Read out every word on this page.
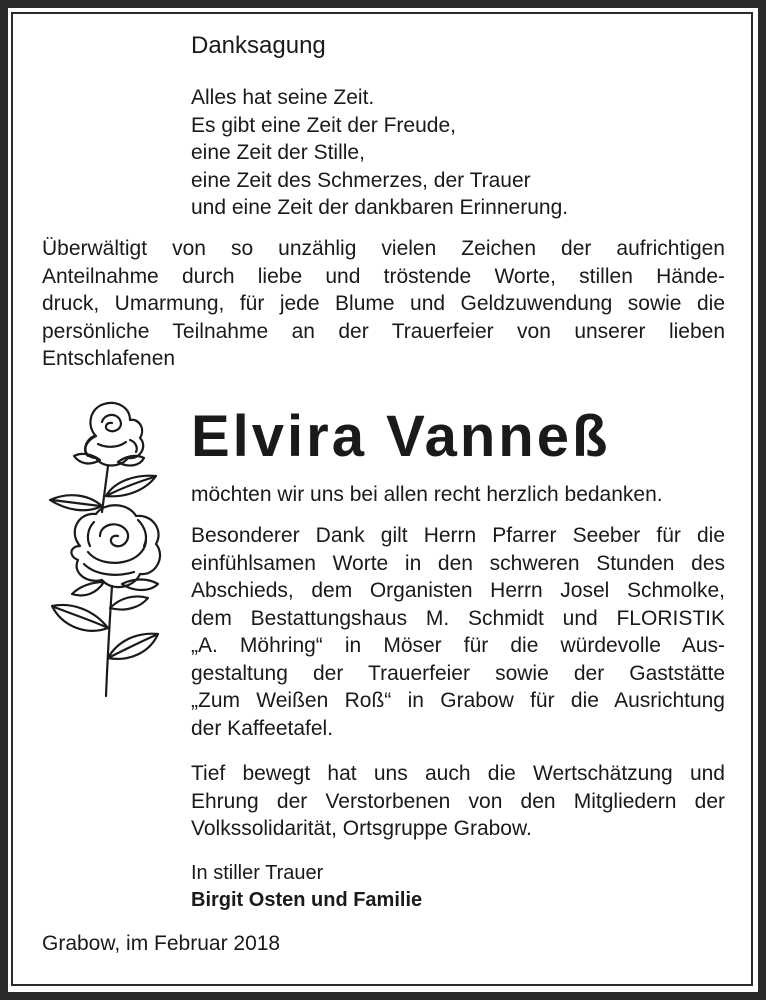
Danksagung

Alles hat seine Zeit.
Es gibt eine Zeit der Freude,
eine Zeit der Stille,
eine Zeit des Schmerzes, der Trauer
und eine Zeit der dankbaren Erinnerung.
Überwältigt von so unzählig vielen Zeichen der aufrichtigen
Anteilnahme durch liebe und tröstende Worte, stillen Hände-
druck, Umarmung, für jede Blume und Geldzuwendung sowie die
persönliche Teilnahme an der Trauerfeier von unserer lieben
Entschlafenen

Elvira Vanneß

möchten wir uns bei allen recht herzlich bedanken.

Besonderer Dank gilt Herrn Pfarrer Seeber für die
einfühlsamen Worte in den schweren Stunden des
Abschieds, dem Organisten Herrn Josel Schmolke,
dem Bestattungshaus M. Schmidt und FLORISTIK
„A. Möhring“ in Möser für die würdevolle Aus-
gestaltung der Trauerfeier sowie der Gaststätte
„Zum Weißen Roß“ in Grabow für die Ausrichtung
der Kaffeetafel.
Tief bewegt hat uns auch die Wertschätzung und
Ehrung der Verstorbenen von den Mitgliedern der
Volkssolidarität, Ortsgruppe Grabow.

In stiller Trauer

Birgit Osten und Familie

Grabow, im Februar 2018
